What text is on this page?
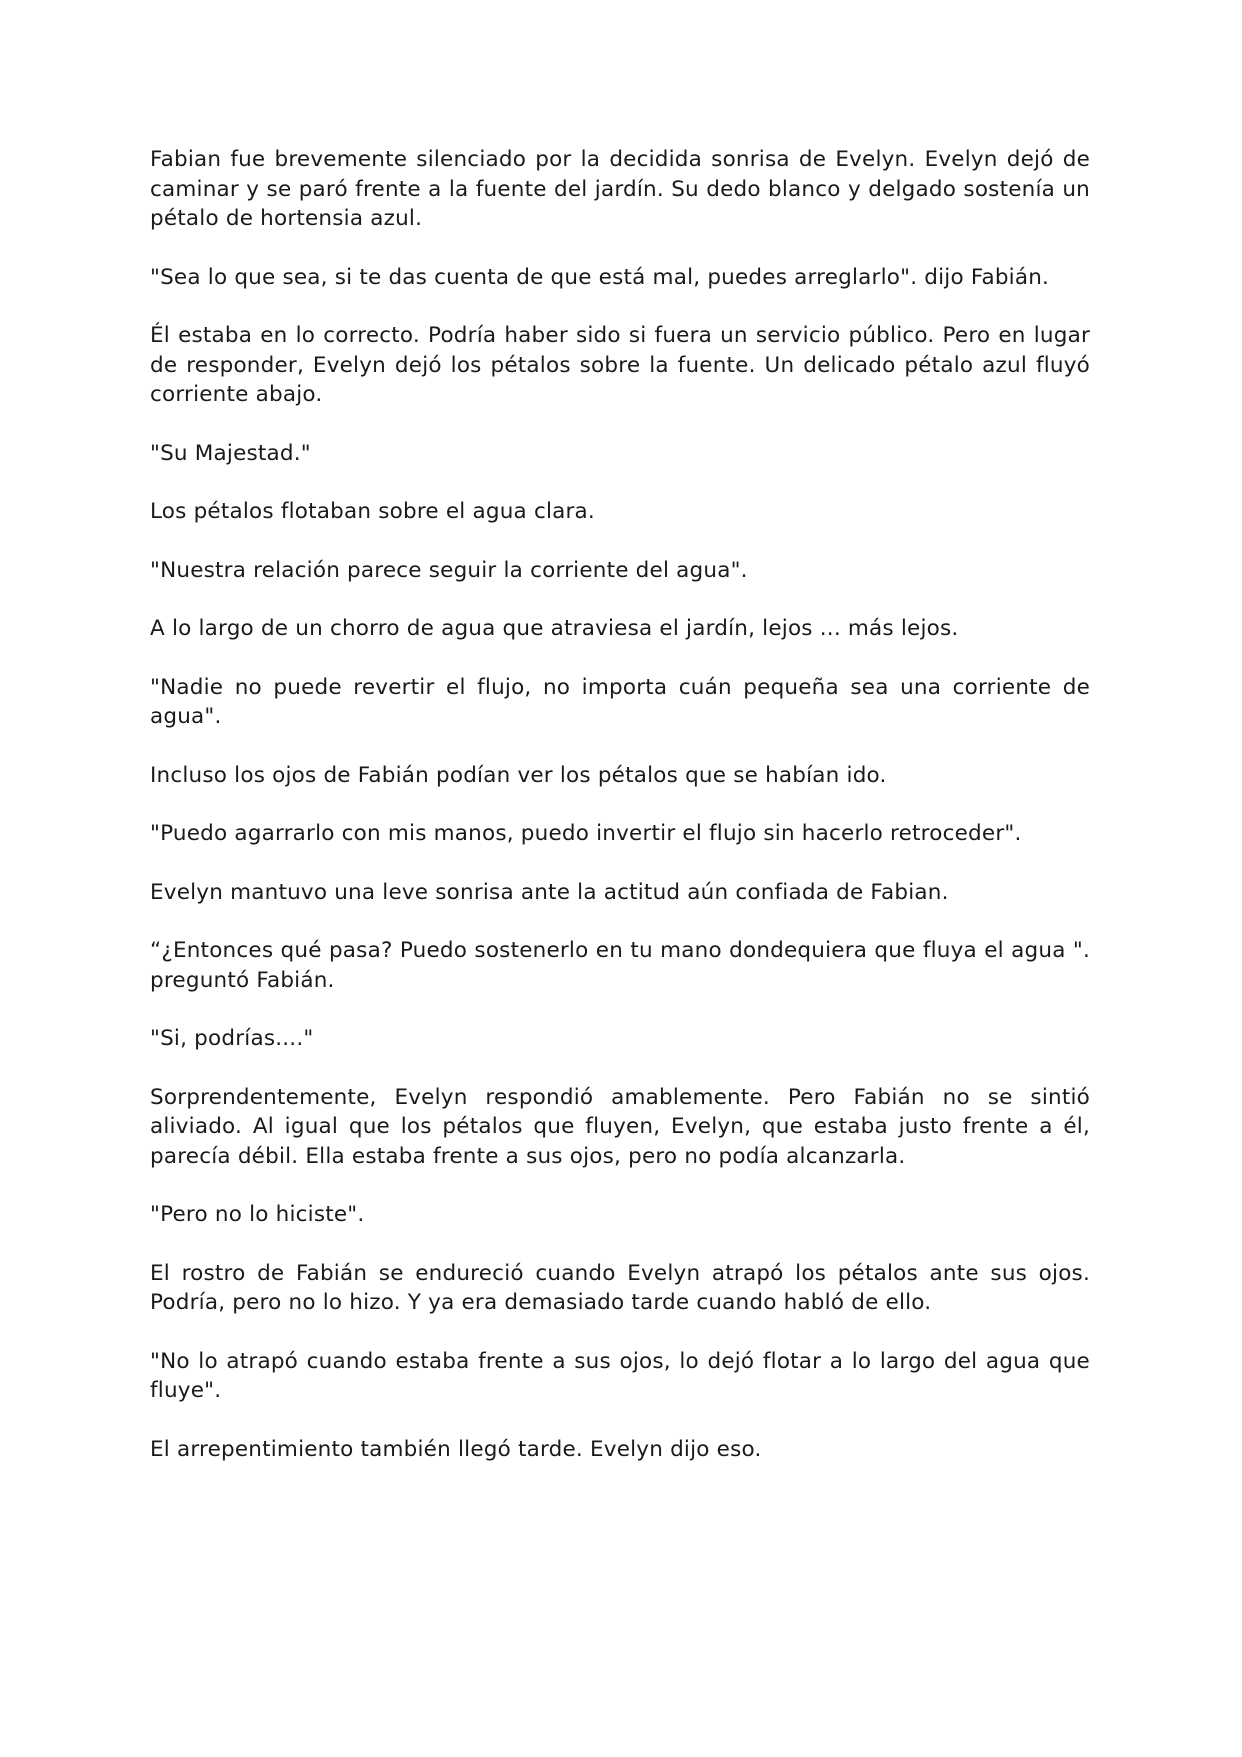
Fabian fue brevemente silenciado por la decidida sonrisa de Evelyn. Evelyn dejó de caminar y se paró frente a la fuente del jardín. Su dedo blanco y delgado sostenía un pétalo de hortensia azul.

"Sea lo que sea, si te das cuenta de que está mal, puedes arreglarlo". dijo Fabián.

Él estaba en lo correcto. Podría haber sido si fuera un servicio público. Pero en lugar de responder, Evelyn dejó los pétalos sobre la fuente. Un delicado pétalo azul fluyó corriente abajo.

"Su Majestad."

Los pétalos flotaban sobre el agua clara.

"Nuestra relación parece seguir la corriente del agua".

A lo largo de un chorro de agua que atraviesa el jardín, lejos ... más lejos.

"Nadie no puede revertir el flujo, no importa cuán pequeña sea una corriente de agua".

Incluso los ojos de Fabián podían ver los pétalos que se habían ido.

"Puedo agarrarlo con mis manos, puedo invertir el flujo sin hacerlo retroceder".

Evelyn mantuvo una leve sonrisa ante la actitud aún confiada de Fabian.

“¿Entonces qué pasa? Puedo sostenerlo en tu mano dondequiera que fluya el agua ". preguntó Fabián.

"Si, podrías...."

Sorprendentemente, Evelyn respondió amablemente. Pero Fabián no se sintió aliviado. Al igual que los pétalos que fluyen, Evelyn, que estaba justo frente a él, parecía débil. Ella estaba frente a sus ojos, pero no podía alcanzarla.

"Pero no lo hiciste".

El rostro de Fabián se endureció cuando Evelyn atrapó los pétalos ante sus ojos. Podría, pero no lo hizo. Y ya era demasiado tarde cuando habló de ello.

"No lo atrapó cuando estaba frente a sus ojos, lo dejó flotar a lo largo del agua que fluye".

El arrepentimiento también llegó tarde. Evelyn dijo eso.
